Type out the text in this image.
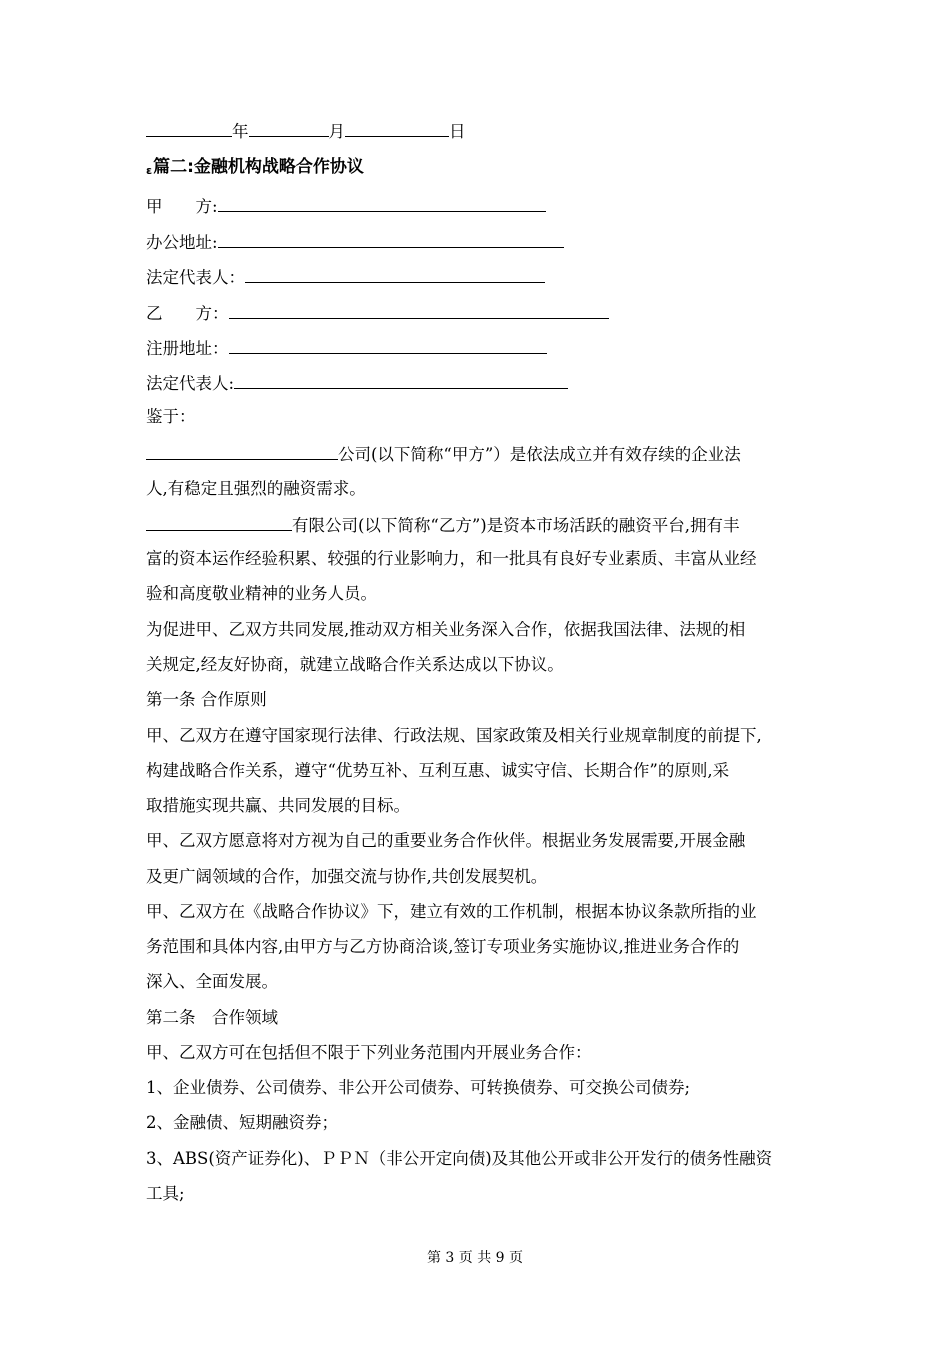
年	月	日
ε篇二:金融机构战略合作协议
甲　　方:
办公地址:
法定代表人：
乙　　方：
注册地址：
法定代表人:
鉴于：
公司(以下简称“甲方”）是依法成立并有效存续的企业法
人,有稳定且强烈的融资需求。
有限公司(以下简称“乙方”)是资本市场活跃的融资平台,拥有丰
富的资本运作经验积累、较强的行业影响力，和一批具有良好专业素质、丰富从业经
验和高度敬业精神的业务人员。
为促进甲、乙双方共同发展,推动双方相关业务深入合作，依据我国法律、法规的相
关规定,经友好协商，就建立战略合作关系达成以下协议。
第一条 合作原则
甲、乙双方在遵守国家现行法律、行政法规、国家政策及相关行业规章制度的前提下,
构建战略合作关系，遵守“优势互补、互利互惠、诚实守信、长期合作”的原则,采
取措施实现共赢、共同发展的目标。
甲、乙双方愿意将对方视为自己的重要业务合作伙伴。根据业务发展需要,开展金融
及更广阔领域的合作，加强交流与协作,共创发展契机。
甲、乙双方在《战略合作协议》下，建立有效的工作机制，根据本协议条款所指的业
务范围和具体内容,由甲方与乙方协商洽谈,签订专项业务实施协议,推进业务合作的
深入、全面发展。
第二条　合作领域
甲、乙双方可在包括但不限于下列业务范围内开展业务合作：
1、企业债券、公司债券、非公开公司债券、可转换债券、可交换公司债券;
2、金融债、短期融资券；
3、ABS(资产证券化)、ＰＰＮ（非公开定向债)及其他公开或非公开发行的债务性融资
工具;
第 3 页 共 9 页
